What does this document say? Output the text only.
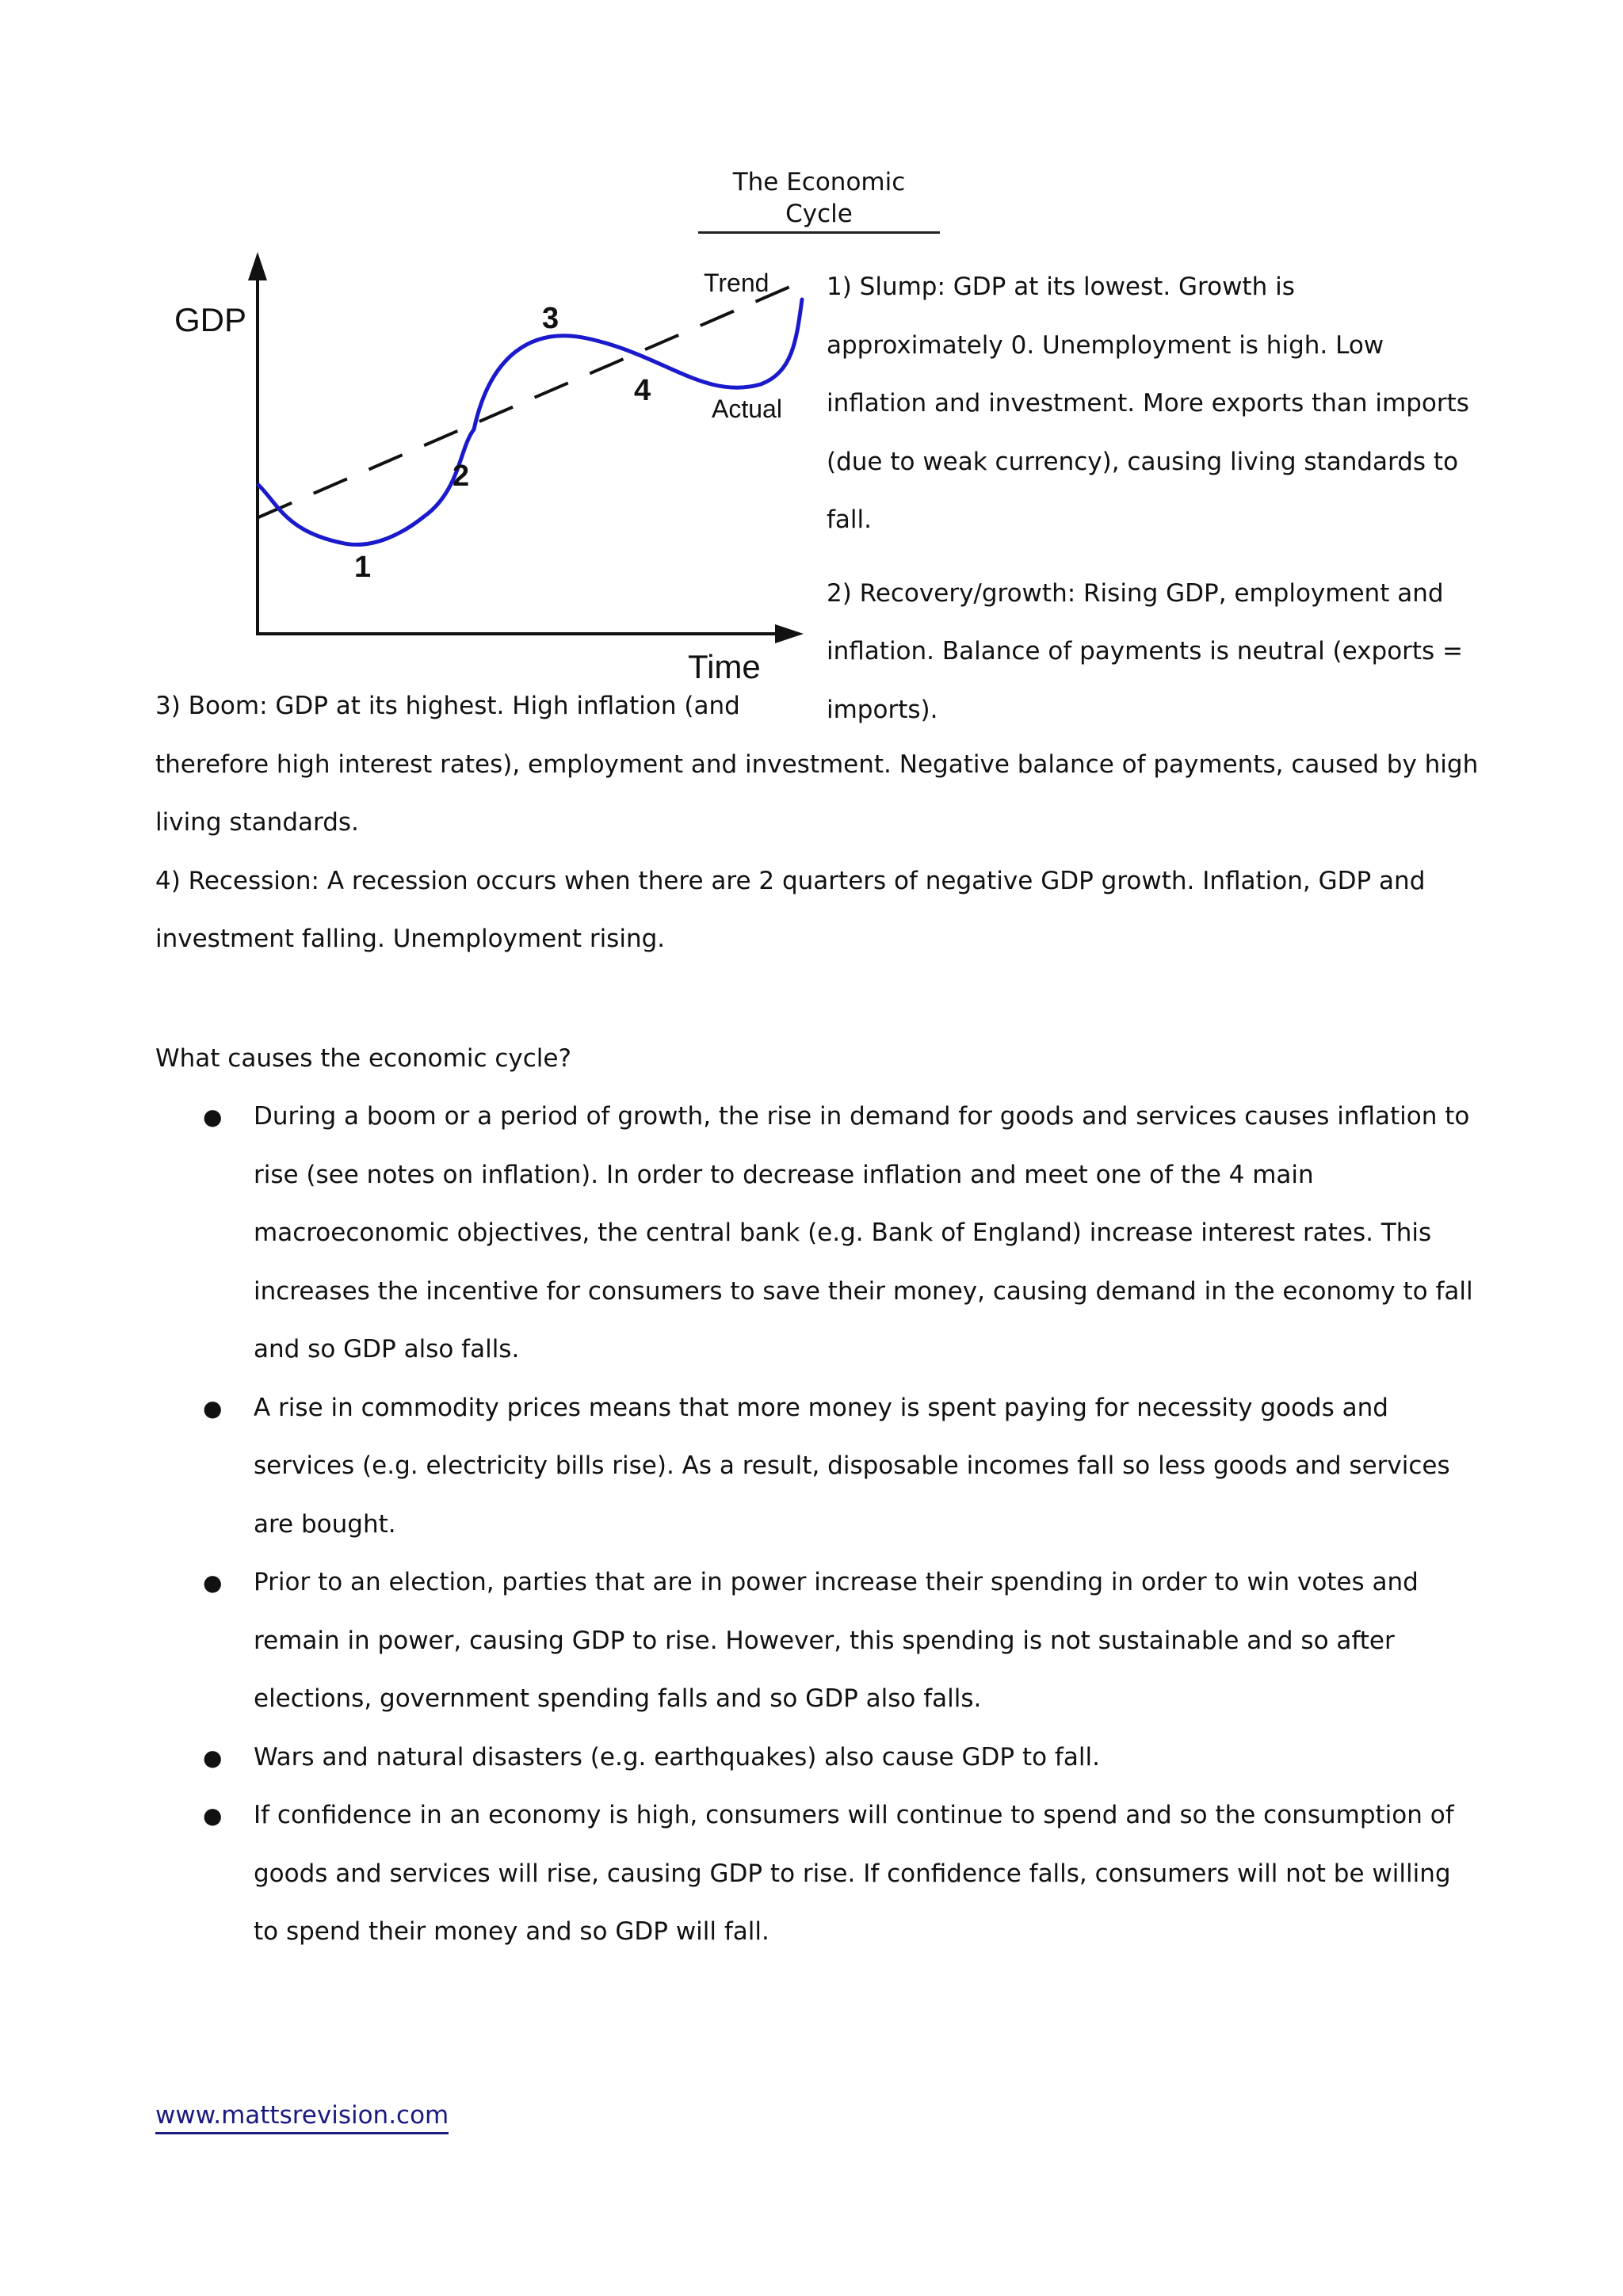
The Economic Cycle
GDP
Time
Trend
Actual
1
2
3
4

1) Slump: GDP at its lowest. Growth is approximately 0. Unemployment is high. Low inflation and investment. More exports than imports (due to weak currency), causing living standards to fall.

2) Recovery/growth: Rising GDP, employment and inflation. Balance of payments is neutral (exports = imports).

3) Boom: GDP at its highest. High inflation (and

therefore high interest rates), employment and investment. Negative balance of payments, caused by high living standards.

4) Recession: A recession occurs when there are 2 quarters of negative GDP growth. Inflation, GDP and investment falling. Unemployment rising.

What causes the economic cycle?
● During a boom or a period of growth, the rise in demand for goods and services causes inflation to rise (see notes on inflation). In order to decrease inflation and meet one of the 4 main macroeconomic objectives, the central bank (e.g. Bank of England) increase interest rates. This increases the incentive for consumers to save their money, causing demand in the economy to fall and so GDP also falls.
● A rise in commodity prices means that more money is spent paying for necessity goods and services (e.g. electricity bills rise). As a result, disposable incomes fall so less goods and services are bought.
● Prior to an election, parties that are in power increase their spending in order to win votes and remain in power, causing GDP to rise. However, this spending is not sustainable and so after elections, government spending falls and so GDP also falls.
● Wars and natural disasters (e.g. earthquakes) also cause GDP to fall.
● If confidence in an economy is high, consumers will continue to spend and so the consumption of goods and services will rise, causing GDP to rise. If confidence falls, consumers will not be willing to spend their money and so GDP will fall.
www.mattsrevision.com
